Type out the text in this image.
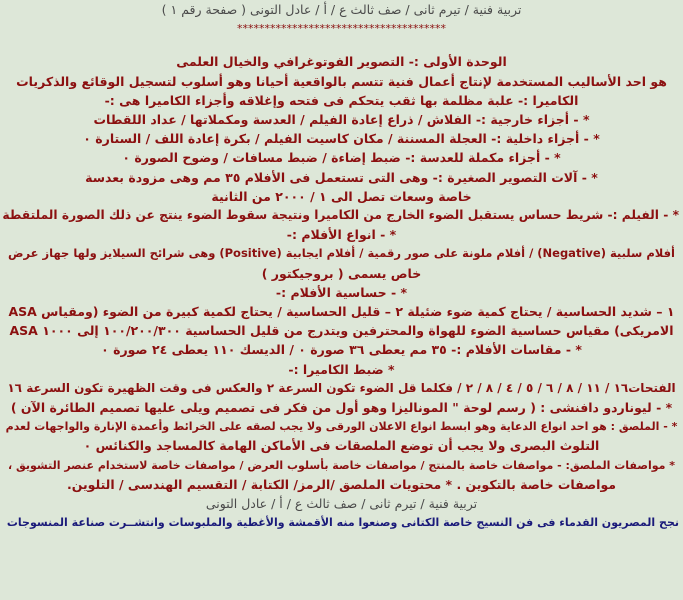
تربية فنية / تيرم ثانى / صف ثالث ع / أ / عادل التونى ( صفحة رقم ١ )
**************************************
الوحدة الأولى :- التصوير الفوتوغرافي والخيال العلمى
هو احد الأساليب المستخدمة لإنتاج أعمال فنية تتسم بالواقعية أحيانا وهو أسلوب لتسجيل الوقائع والذكريات
الكاميرا :- علبة مظلمة بها ثقب يتحكم فى فتحه وإغلاقه وأجزاء الكاميرا هى :-
* - أجزاء خارجية :- الفلاش / ذراع إعادة الفيلم / العدسة ومكملاتها / عداد اللقطات
* - أجزاء داخلية :- العجلة المسننة / مكان كاسيت الفيلم / بكرة إعادة اللف / الستارة ٠
* - أجزاء مكملة للعدسة :- ضبط إضاءة / ضبط مسافات / وضوح الصورة ٠
* - آلات التصوير الصغيرة :- وهى التى تستعمل فى الأفلام ٣٥ مم وهى مزودة بعدسة
خاصة وسعات تصل الى ١ / ٢٠٠٠ من الثانية
* - الفيلم :- شريط حساس يستقبل الضوء الخارج من الكاميرا ونتيجة سقوط الضوء ينتج عن ذلك الصورة الملتقطة
* - انواع الأفلام :-
أفلام سلبية (Negative) / أفلام ملونة على صور رقمية / أفلام ايجابية (Positive) وهى شرائح السيلايز ولها جهاز عرض
خاص يسمى ( بروجيكتور )
* - حساسية الأفلام :-
١ – شديد الحساسية / يحتاج كمية ضوء ضئيلة ٢ – قليل الحساسية / يحتاج لكمية كبيرة من الضوء (ومقياس ASA
الامريكى) مقياس حساسية الضوء للهواة والمحترفين ويتدرج من قليل الحساسية ١٠٠/٢٠٠/٣٠٠ إلى ١٠٠٠ ASA
* - مقاسات الأفلام :- ٣٥ مم يعطى ٣٦ صورة ٠ / الديسك ١١٠ يعطى ٢٤ صورة ٠
* ضبط الكاميرا :-
الفتحات١٦ / ١١ / ٨ / ٦ / ٥ / ٤ / ٨ / ٢ / فكلما قل الضوء تكون السرعة ٢ والعكس فى وقت الظهيرة تكون السرعة ١٦
* - ليوناردو دافنشى : ( رسم لوحة " الموناليزا وهو أول من فكر فى تصميم ويلى عليها تصميم الطائرة الآن )
* - الملصق : هو احد انواع الدعاية وهو ابسط انواع الاعلان الورقى ولا يجب لصقه على الخرائط وأعمدة الإنارة والواجهات لعدم
التلوث البصرى ولا يجب أن توضع الملصقات فى الأماكن الهامة كالمساجد والكنائس ٠
* مواصفات الملصق: - مواصفات خاصة بالمنتج / مواصفات خاصة بأسلوب العرض / مواصفات خاصة لاستخدام عنصر التشويق ،
مواصفات خاصة بالتكوين . * محتويات الملصق /الرمز/ الكتابة / التقسيم الهندسى / التلوين.
تربية فنية / تيرم ثانى / صف ثالث ع / أ / عادل التونى
نجح المصريون القدماء فى فن النسيج خاصة الكتانى وصنعوا منه الأقمشة والأغطية والملبوسات وانتشــرت صناعة المنسوجات
